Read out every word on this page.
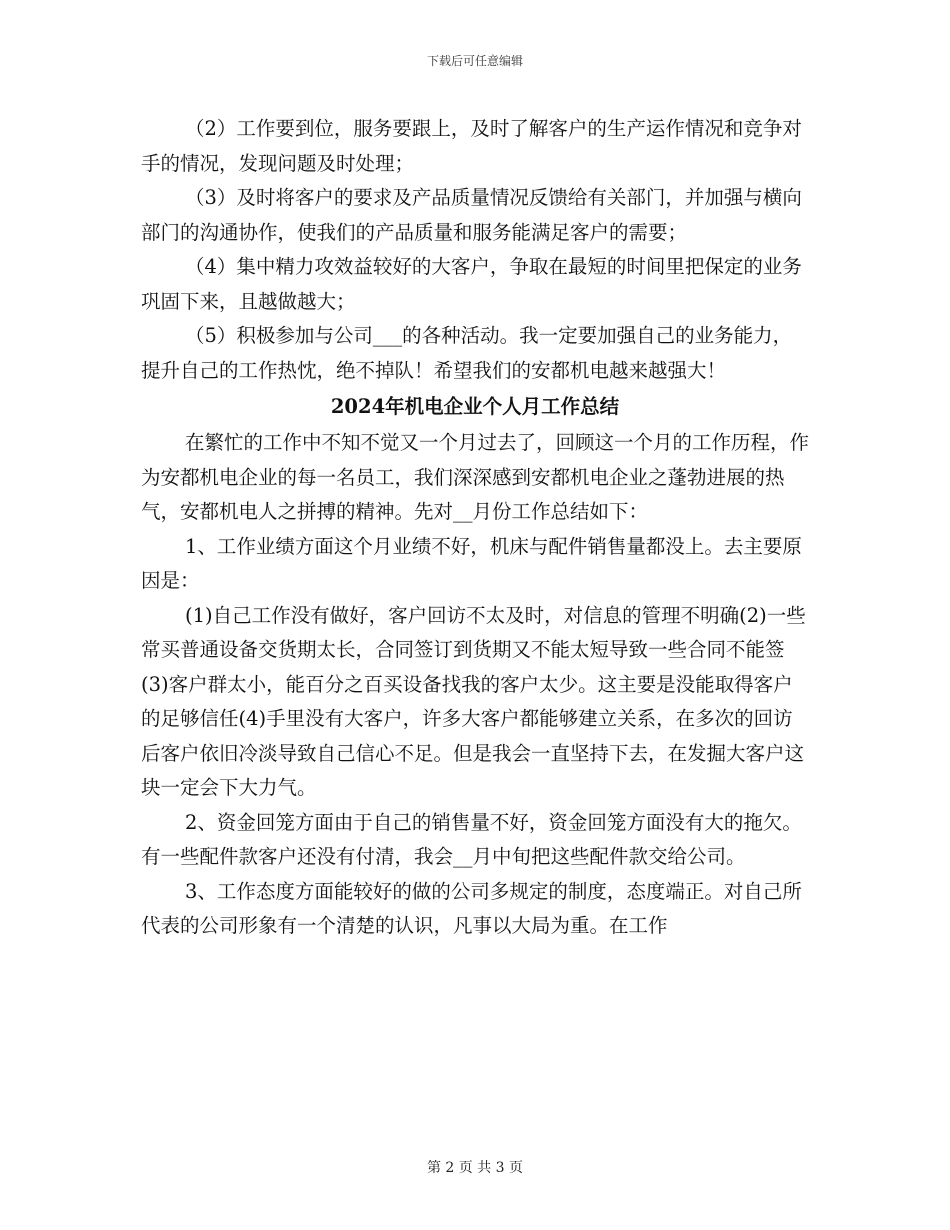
下载后可任意编辑

（2）工作要到位，服务要跟上，及时了解客户的生产运作情况和竞争对手的情况，发现问题及时处理；

（3）及时将客户的要求及产品质量情况反馈给有关部门，并加强与横向部门的沟通协作，使我们的产品质量和服务能满足客户的需要；

（4）集中精力攻效益较好的大客户，争取在最短的时间里把保定的业务巩固下来，且越做越大；

（5）积极参加与公司___的各种活动。我一定要加强自己的业务能力，提升自己的工作热忱，绝不掉队！希望我们的安都机电越来越强大！

2024年机电企业个人月工作总结

在繁忙的工作中不知不觉又一个月过去了，回顾这一个月的工作历程，作为安都机电企业的每一名员工，我们深深感到安都机电企业之蓬勃进展的热气，安都机电人之拼搏的精神。先对__月份工作总结如下：

1、工作业绩方面这个月业绩不好，机床与配件销售量都没上。去主要原因是：

(1)自己工作没有做好，客户回访不太及时，对信息的管理不明确(2)一些常买普通设备交货期太长，合同签订到货期又不能太短导致一些合同不能签(3)客户群太小，能百分之百买设备找我的客户太少。这主要是没能取得客户的足够信任(4)手里没有大客户，许多大客户都能够建立关系，在多次的回访后客户依旧冷淡导致自己信心不足。但是我会一直坚持下去，在发掘大客户这块一定会下大力气。

2、资金回笼方面由于自己的销售量不好，资金回笼方面没有大的拖欠。有一些配件款客户还没有付清，我会__月中旬把这些配件款交给公司。

3、工作态度方面能较好的做的公司多规定的制度，态度端正。对自己所代表的公司形象有一个清楚的认识，凡事以大局为重。在工作

第 2 页 共 3 页
